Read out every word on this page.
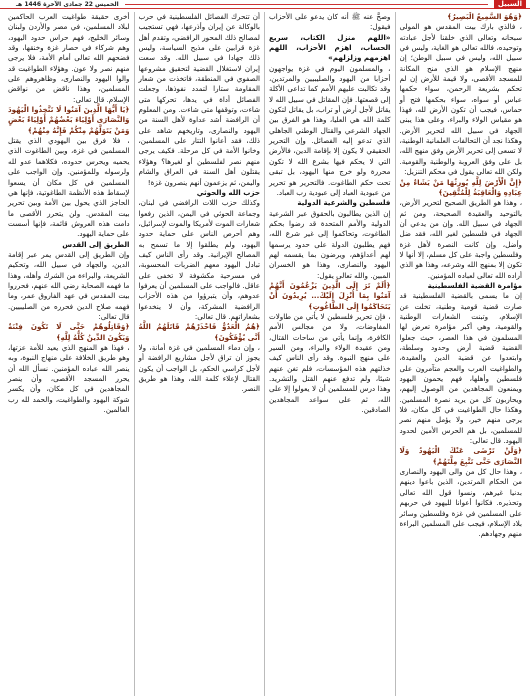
السبيل
الخميس 22 جمادى الآخرة 1446 هـ

﴿وَهُوَ السَّمِيعُ الْبَصِيرُ﴾

، فالذي بارك بيت المقدس هو المولى سبحانه وتعالى الذي خلقنا لأجل عبادته وتوحيده، فالله تعالى هو الغاية، وليس في سبيل الله، وليس في سبيل الوطن؛ إن منهج الإسلام هو الذي منح المكانة للمسجد الأقصى، ولا قيمة للأرض إن لم تحكم بشريعة الرحمن، سواء حكمها عباس أو سواه، سواء بحكمها فتح أو حماس، فيجب أن تكون الأرض لله، فهذا هو مقياس الولاء والبراء، وعلى هذا يبنى الجهاد في سبيل الله لتحرير الأرض. وهكذا نجد أن التحالفات العلمانية الوطنية، لا تسعى إلى تحرير الأرض وفق منهج الله، بل على وفق العروبة والوطنية والقومية. ولكن الله تعالى يقول في محكم التنزيل:

﴿إِنَّ الْأَرْضَ لِلَّهِ يُورِثُهَا مَنْ يَشَاءُ مِنْ عِبَادِهِ وَالْعَاقِبَةُ لِلْمُتَّقِينَ﴾

، وهذا هو الطريق الصحيح لتحرير الأرض، بالتوحيد والعقيدة الصحيحة، ومن ثم الجهاد في سبيل الله. وإن من يدعي أن الجهاد في فلسطين لغير الله، فقد ضل وأضل، وإن كانت النصرة لأهل غزة وفلسطين واجبة على كل مسلم، إلا أنها لا تكون إلا بمنهج الله وشرعه، وهذا هو الذي أراده الله تعالى لعباده المؤمنين.

مؤامرة القضية الفلسطينية

إن ما يسمى بالقضية الفلسطينية قد صارت قضية قومية وطنية، تخلت عن الإسلام، وتبنت الشعارات الوطنية والقومية، وهي أكبر مؤامرة تعرض لها المسلمون في هذا العصر، حيث جعلوا القضية قضية أرض وحدود وسلطة، وابتعدوا عن قضية الدين والعقيدة، والطواغيت العرب والعجم متآمرون على فلسطين وأهلها، فهم يحمون اليهود ويمنعون المجاهدين من الوصول إليهم، ويحاربون كل من يريد نصرة المسلمين. وهكذا حال الطواغيت في كل مكان، فلا يرجى منهم خير، ولا يؤمل منهم نصر للمسلمين، بل هم الحرس الأمين لحدود اليهود. قال تعالى:

﴿وَلَنْ تَرْضَى عَنْكَ الْيَهُودُ وَلَا النَّصَارَى حَتَّى تَتَّبِعَ مِلَّتَهُمْ﴾

، وهذا حال كل من والى اليهود والنصارى من الحكام المرتدين، الذين باعوا دينهم بدنيا غيرهم، ونسوا قول الله تعالى وتحذيره. فكانوا أعوانا لليهود في حربهم على المسلمين في غزة وفلسطين وسائر بلاد الإسلام، فيجب على المسلمين البراءة منهم وجهادهم.

وصحَّ عنه ﷺ أنه كان يدعو على الأحزاب فيقول:

«اللهم منزل الكتاب، سريع الحساب، اهزم الأحزاب، اللهم اهزمهم وزلزلهم»

، والمسلمون اليوم في غزة يواجهون أحزابا من اليهود والصليبيين والمرتدين، وقد تكالبت عليهم الأمم كما تداعى الأكلة إلى قصعتها. فإن المقاتل في سبيل الله لا يقاتل لأجل أرض أو تراب، بل يقاتل لتكون كلمة الله هي العليا، وهذا هو الفرق بين الجهاد الشرعي والقتال الوطني الجاهلي الذي تدعو إليه الفصائل. وإن التحرير الحقيقي لا يكون إلا بإقامة الدين، فالأرض التي لا يحكم فيها بشرع الله لا تكون محررة ولو خرج منها اليهود، بل تبقى تحت حكم الطاغوت. فالتحرير هو تحرير من عبودية العباد إلى عبودية رب العباد.

فلسطين والشرعية الدولية

إن الذين يطالبون بالحقوق عبر الشرعية الدولية والأمم المتحدة قد رضوا بحكم الطاغوت، وتحاكموا إلى غير شرع الله، فهم يطلبون الدولة على حدود يرسمها لهم أعداؤهم، ويرضون بما يقسمه لهم اليهود والنصارى، وهذا هو الخسران المبين. والله تعالى يقول:

﴿أَلَمْ تَرَ إِلَى الَّذِينَ يَزْعُمُونَ أَنَّهُمْ آمَنُوا بِمَا أُنْزِلَ إِلَيْكَ... يُرِيدُونَ أَنْ يَتَحَاكَمُوا إِلَى الطَّاغُوتِ﴾

، فإن تحرير فلسطين لا يأتي من طاولات المفاوضات، ولا من مجالس الأمم الكافرة، وإنما يأتي من ساحات القتال، ومن عقيدة الولاء والبراء، ومن السير على منهج النبوة. وقد رأى الناس كيف خذلتهم هذه المؤسسات، فلم تغن عنهم شيئا، ولم تدفع عنهم القتل والتشريد. وهذا درس للمسلمين أن لا يعولوا إلا على الله، ثم على سواعد المجاهدين الصادقين.

أن تتحرك الفصائل الفلسطينية في حرب بالوكالة عن إيران وأذرعها، فهي تستجيب لمصالح ذلك المحور الرافضي، وتقدم أهل غزة قرابين على مذبح السياسة، وليس ذلك جهادا في سبيل الله. وقد سعت إيران لاستغلال القضية لتحقيق مشروعها الصفوي في المنطقة، فاتخذت من شعار المقاومة ستارا لتمدد نفوذها، وجعلت الفصائل أداة في يدها، تحركها متى شاءت، وتوقفها متى شاءت. ومن المعلوم أن الرافضة أشد عداوة لأهل السنة من اليهود والنصارى، وتاريخهم شاهد على ذلك، فقد أعانوا التتار على المسلمين، وخانوا الأمة في كل مرحلة. فكيف يرجى منهم نصر لفلسطين أو لغيرها؟ وهؤلاء يقتلون أهل السنة في العراق والشام واليمن، ثم يزعمون أنهم ينصرون غزة!

حزب الله والحوثي

وكذلك حزب اللات الرافضي في لبنان، وجماعة الحوثي في اليمن، الذين رفعوا شعارات الموت لأمريكا والموت لإسرائيل، وهم أحرص الناس على حماية حدود اليهود، ولم يطلقوا إلا ما تسمح به المصالح الإيرانية. وقد رأى الناس كيف تبادل اليهود معهم الضربات المحسوبة، في مسرحية مكشوفة لا تخفى على عاقل. فالواجب على المسلمين أن يعرفوا عدوهم، وأن يتبرؤوا من هذه الأحزاب الرافضية المشركة، وأن لا ينخدعوا بشعاراتهم. قال تعالى:

﴿هُمُ الْعَدُوُّ فَاحْذَرْهُمْ قَاتَلَهُمُ اللَّهُ أَنَّى يُؤْفَكُونَ﴾

، وإن دماء المسلمين في غزة أمانة، ولا يجوز أن تراق لأجل مشاريع الرافضة أو لأجل كراسي الحكم، بل الواجب أن يكون القتال لإعلاء كلمة الله، وهذا هو طريق النصر.

أخرى حقيقة طواغيت العرب الحاكمين لبلاد المسلمين، في مصر والأردن ولبنان وسائر الخليج، فهم حراس حدود اليهود، وهم شركاء في حصار غزة وخنقها، وقد فضحهم الله تعالى أمام الأمة، فلا يرجى منهم نصر ولا عون. وهؤلاء الطواغيت قد والوا اليهود والنصارى، وظاهروهم على المسلمين، وهذا ناقض من نواقض الإسلام. قال تعالى:

﴿يَا أَيُّهَا الَّذِينَ آمَنُوا لَا تَتَّخِذُوا الْيَهُودَ وَالنَّصَارَى أَوْلِيَاءَ بَعْضُهُمْ أَوْلِيَاءُ بَعْضٍ وَمَنْ يَتَوَلَّهُمْ مِنْكُمْ فَإِنَّهُ مِنْهُمْ﴾

، فلا فرق بين اليهودي الذي يقتل المسلمين في غزة، وبين الطاغوت الذي يحميه ويحرس حدوده، فكلاهما عدو لله ولرسوله وللمؤمنين. وإن الواجب على المسلمين في كل مكان أن يسعوا لإسقاط هذه الأنظمة الطاغوتية، فإنها هي الحاجز الذي يحول بين الأمة وبين تحرير بيت المقدس. ولن يتحرر الأقصى ما دامت هذه العروش قائمة، فإنها أسست على حماية اليهود.

الطريق إلى القدس

وإن الطريق إلى القدس يمر عبر إقامة الدين، والجهاد في سبيل الله، وتحكيم الشريعة، والبراءة من الشرك وأهله، وهذا ما فهمه الصحابة رضي الله عنهم، فحرروا بيت المقدس في عهد الفاروق عمر، وما فهمه صلاح الدين فحرره من الصليبيين. قال تعالى:

﴿وَقَاتِلُوهُمْ حَتَّى لَا تَكُونَ فِتْنَةٌ وَيَكُونَ الدِّينُ كُلُّهُ لِلَّهِ﴾

، فهذا هو المنهج الذي يعيد للأمة عزتها، وهو طريق الخلافة على منهاج النبوة، وبه ينصر الله عباده المؤمنين. نسأل الله أن يحرر المسجد الأقصى، وأن ينصر المجاهدين في كل مكان، وأن يكسر شوكة اليهود والطواغيت، والحمد لله رب العالمين.
